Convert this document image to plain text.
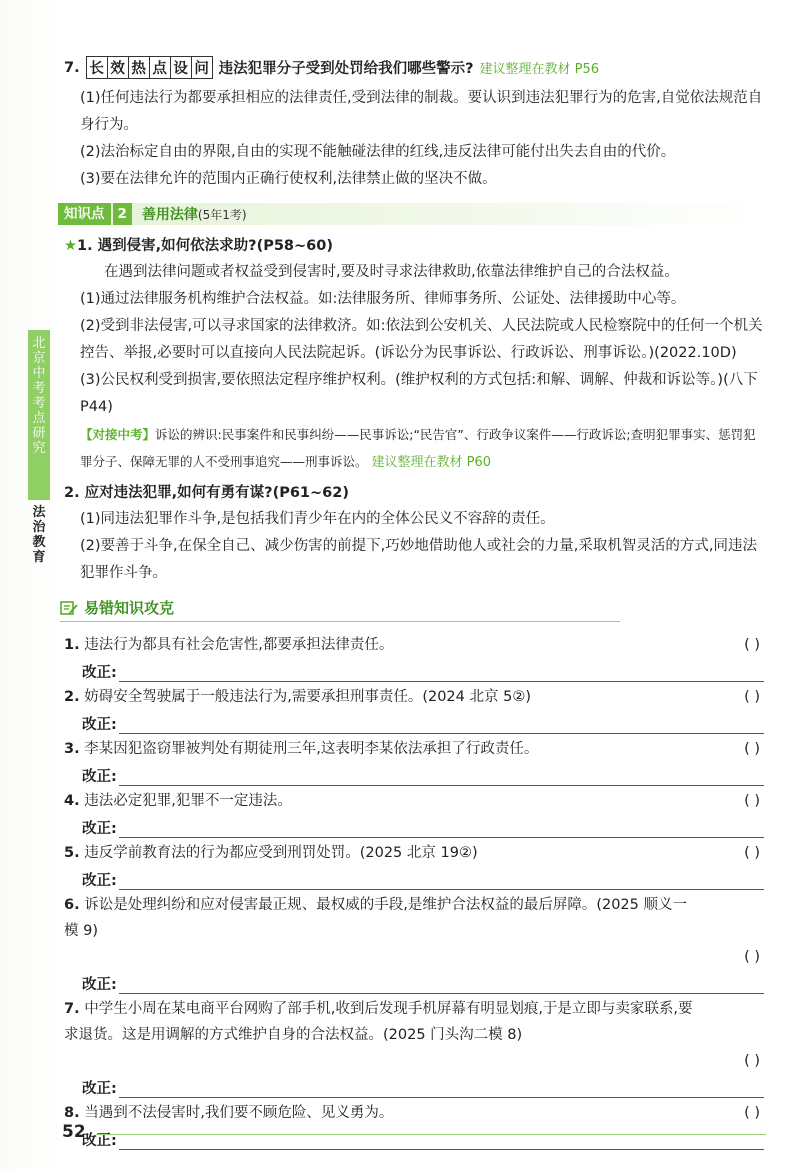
北
京
中
考
考
点
研
究
法
治
教
育
7. 长 效 热 点 设 问 违法犯罪分子受到处罚给我们哪些警示? 建议整理在教材 P56

(1)任何违法行为都要承担相应的法律责任,受到法律的制裁。要认识到违法犯罪行为的危害,自觉依法规范自身行为。

(2)法治标定自由的界限,自由的实现不能触碰法律的红线,违反法律可能付出失去自由的代价。

(3)要在法律允许的范围内正确行使权利,法律禁止做的坚决不做。

知识点 2	善用法律(5年1考)
★1. 遇到侵害,如何依法求助?(P58~60)

在遇到法律问题或者权益受到侵害时,要及时寻求法律救助,依靠法律维护自己的合法权益。

(1)通过法律服务机构维护合法权益。如:法律服务所、律师事务所、公证处、法律援助中心等。

(2)受到非法侵害,可以寻求国家的法律救济。如:依法到公安机关、人民法院或人民检察院中的任何一个机关控告、举报,必要时可以直接向人民法院起诉。(诉讼分为民事诉讼、行政诉讼、刑事诉讼。)(2022.10D)

(3)公民权利受到损害,要依照法定程序维护权利。(维护权利的方式包括:和解、调解、仲裁和诉讼等。)(八下 P44)

【对接中考】诉讼的辨识:民事案件和民事纠纷——民事诉讼;“民告官”、行政争议案件——行政诉讼;查明犯罪事实、惩罚犯罪分子、保障无罪的人不受刑事追究——刑事诉讼。 建议整理在教材 P60

2. 应对违法犯罪,如何有勇有谋?(P61~62)

(1)同违法犯罪作斗争,是包括我们青少年在内的全体公民义不容辞的责任。

(2)要善于斗争,在保全自己、减少伤害的前提下,巧妙地借助他人或社会的力量,采取机智灵活的方式,同违法犯罪作斗争。

易错知识攻克
1. 违法行为都具有社会危害性,都要承担法律责任。	( )
改正:
2. 妨碍安全驾驶属于一般违法行为,需要承担刑事责任。(2024 北京 5②)	( )
改正:
3. 李某因犯盗窃罪被判处有期徒刑三年,这表明李某依法承担了行政责任。	( )
改正:
4. 违法必定犯罪,犯罪不一定违法。	( )
改正:
5. 违反学前教育法的行为都应受到刑罚处罚。(2025 北京 19②)	( )
改正:
6. 诉讼是处理纠纷和应对侵害最正规、最权威的手段,是维护合法权益的最后屏障。(2025 顺义一模 9)
( )
改正:
7. 中学生小周在某电商平台网购了部手机,收到后发现手机屏幕有明显划痕,于是立即与卖家联系,要求退货。这是用调解的方式维护自身的合法权益。(2025 门头沟二模 8)
( )
改正:
8. 当遇到不法侵害时,我们要不顾危险、见义勇为。	( )
改正:
52
